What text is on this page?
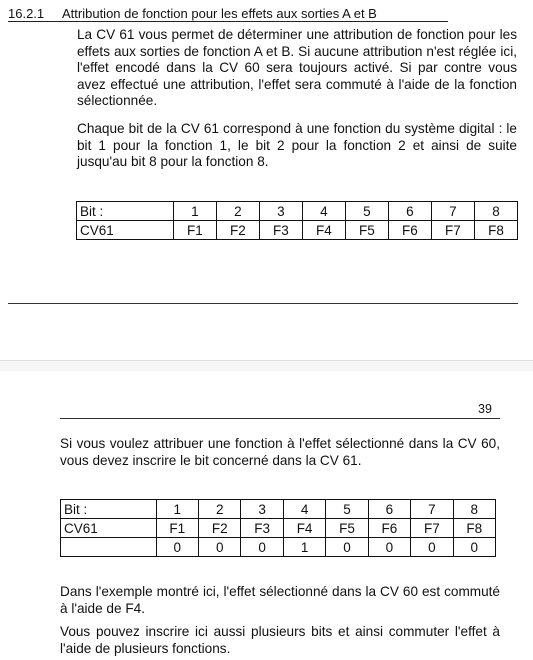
16.2.1 Attribution de fonction pour les effets aux sorties A et B
La CV 61 vous permet de déterminer une attribution de fonction pour les effets aux sorties de fonction A et B. Si aucune attribution n'est réglée ici, l'effet encodé dans la CV 60 sera toujours activé. Si par contre vous avez effectué une attribution, l'effet sera commuté à l'aide de la fonction sélectionnée.
Chaque bit de la CV 61 correspond à une fonction du système digital : le bit 1 pour la fonction 1, le bit 2 pour la fonction 2 et ainsi de suite jusqu'au bit 8 pour la fonction 8.
Bit :	1	2	3	4	5	6	7	8
CV61	F1	F2	F3	F4	F5	F6	F7	F8
39
Si vous voulez attribuer une fonction à l'effet sélectionné dans la CV 60, vous devez inscrire le bit concerné dans la CV 61.
Bit :	1	2	3	4	5	6	7	8
CV61	F1	F2	F3	F4	F5	F6	F7	F8
	0	0	0	1	0	0	0	0
Dans l'exemple montré ici, l'effet sélectionné dans la CV 60 est commuté à l'aide de F4.
Vous pouvez inscrire ici aussi plusieurs bits et ainsi commuter l'effet à l'aide de plusieurs fonctions.
